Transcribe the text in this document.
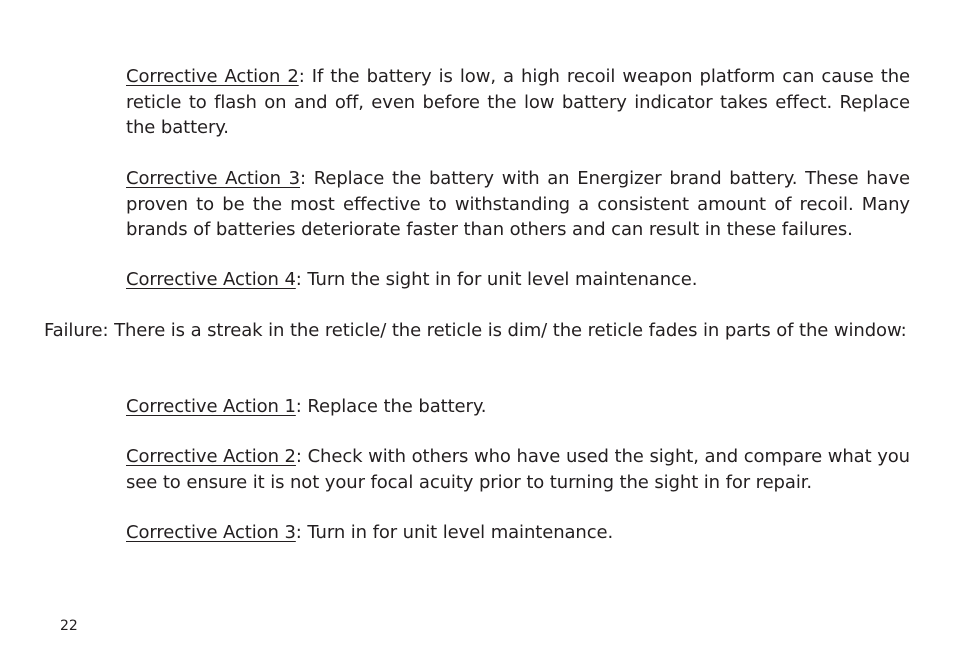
Corrective Action 2: If the battery is low, a high recoil weapon platform can cause the reticle to flash on and off, even before the low battery indicator takes effect. Replace the battery.

Corrective Action 3: Replace the battery with an Energizer brand battery. These have proven to be the most effective to withstanding a consistent amount of recoil. Many brands of batteries deteriorate faster than others and can result in these failures.

Corrective Action 4: Turn the sight in for unit level maintenance.

Failure: There is a streak in the reticle/ the reticle is dim/ the reticle fades in parts of the window:

Corrective Action 1: Replace the battery.

Corrective Action 2: Check with others who have used the sight, and compare what you see to ensure it is not your focal acuity prior to turning the sight in for repair.

Corrective Action 3: Turn in for unit level maintenance.

22
